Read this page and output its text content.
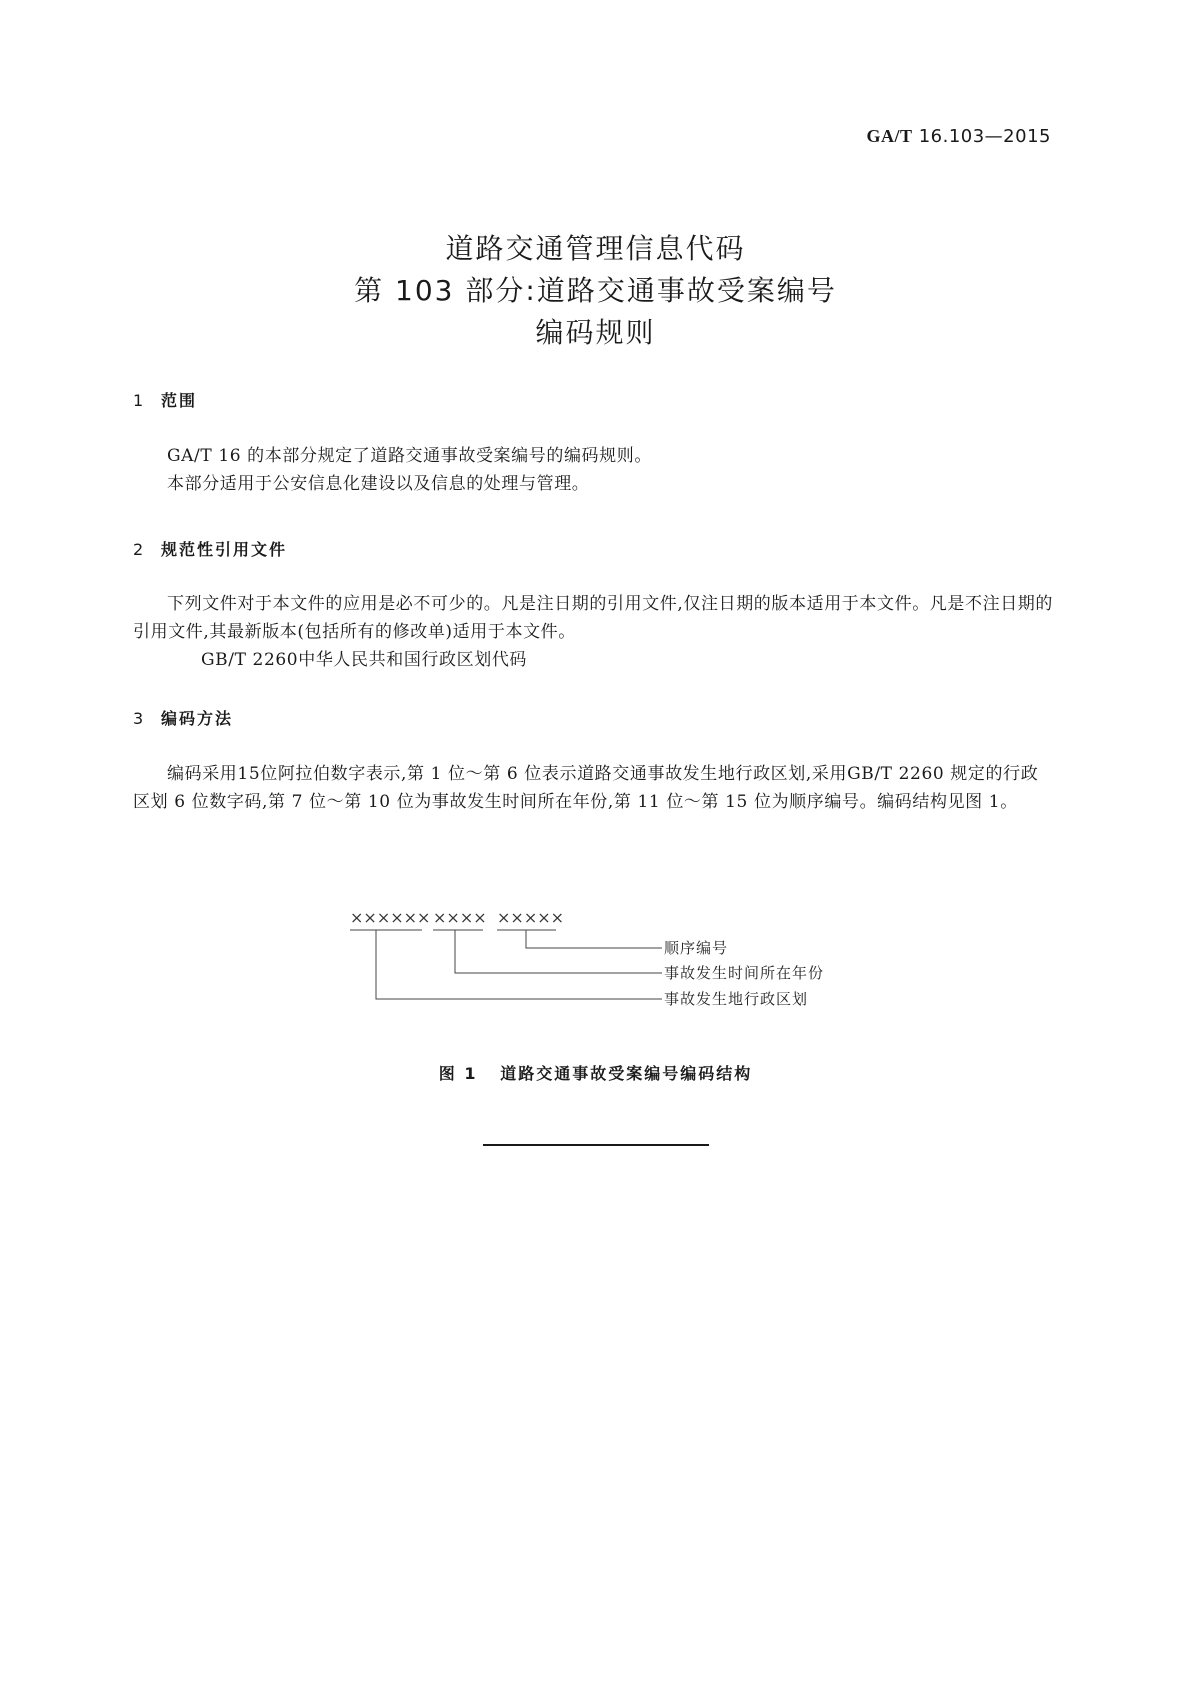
GA/T 16.103—2015

道路交通管理信息代码

第 103 部分:道路交通事故受案编号

编码规则

1 范围

GA/T 16 的本部分规定了道路交通事故受案编号的编码规则。

本部分适用于公安信息化建设以及信息的处理与管理。

2 规范性引用文件

下列文件对于本文件的应用是必不可少的。凡是注日期的引用文件,仅注日期的版本适用于本文件。凡是不注日期的引用文件,其最新版本(包括所有的修改单)适用于本文件。

GB/T 2260中华人民共和国行政区划代码

3 编码方法

编码采用15位阿拉伯数字表示,第 1 位～第 6 位表示道路交通事故发生地行政区划,采用GB/T 2260 规定的行政区划 6 位数字码,第 7 位～第 10 位为事故发生时间所在年份,第 11 位～第 15 位为顺序编号。编码结构见图 1。

×××××× ×××× ×××××
顺序编号
事故发生时间所在年份
事故发生地行政区划
图 1 道路交通事故受案编号编码结构
